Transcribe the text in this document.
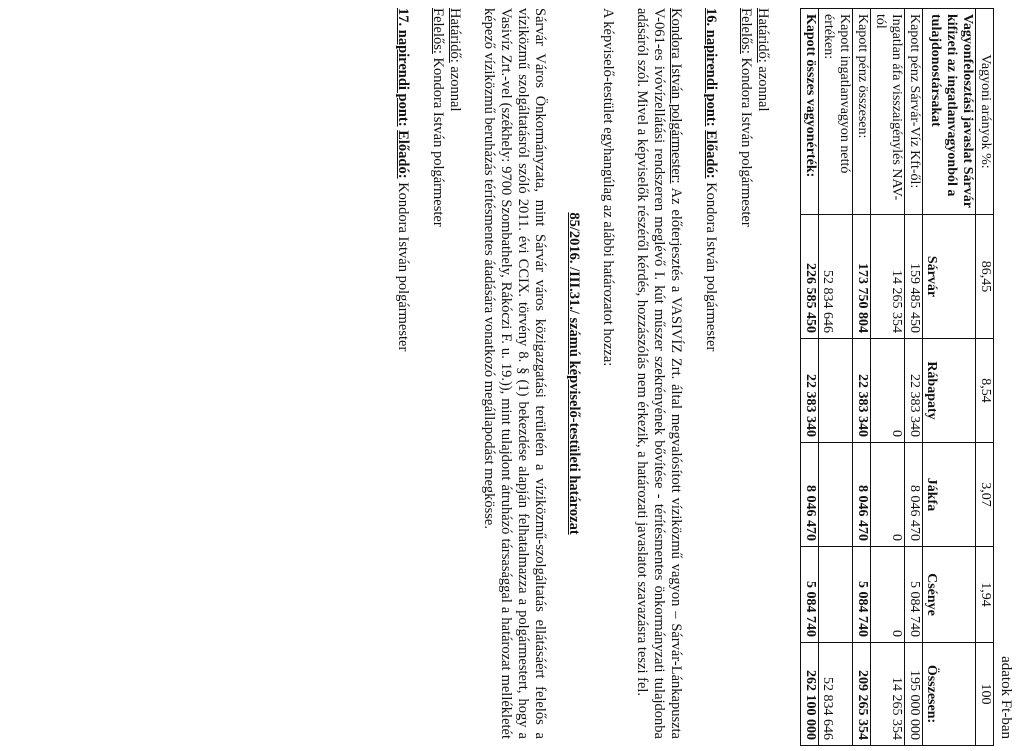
adatok Ft-ban
Vagyoni arányok %:	86,45	8,54	3,07	1,94	100
Vagyonfelosztási javaslat Sárvár kifizeti az ingatlanvagyonból a tulajdonostársakat	Sárvár	Rábapaty	Jákfa	Csénye	Összesen:
Kapott pénz Sárvár-Víz Kft-ől:	159 485 450	22 383 340	8 046 470	5 084 740	195 000 000
Ingatlan áfa visszaigénylés NAV-tól	14 265 354	0	0	0	14 265 354
Kapott pénz összesen:	173 750 804	22 383 340	8 046 470	5 084 740	209 265 354
Kapott ingatlanvagyon nettó értéken:	52 834 646				52 834 646
Kapott összes vagyonérték:	226 585 450	22 383 340	8 046 470	5 084 740	262 100 000

Határidő: azonnal

Felelős: Kondora István polgármester

16. napirendi pont: Előadó: Kondora István polgármester

Kondora István polgármester: Az előterjesztés a VASIVÍZ Zrt. által megvalósított víziközmű vagyon – Sárvár-Lánkapuszta V-061-es ivóvízellátási rendszeren meglévő I. kút műszer szekrényének bővítése - térítésmentes önkormányzati tulajdonba adásáról szól. Mivel a képviselők részéről kérdés, hozzászólás nem érkezik, a határozati javaslatot szavazásra teszi fel.

A képviselő-testület egyhangúlag az alábbi határozatot hozza:

85/2016. /III.31./ számú képviselő-testületi határozat

Sárvár Város Önkormányzata, mint Sárvár város közigazgatási területén a víziközmű-szolgáltatás ellátásáért felelős a víziközmű szolgáltatásról szóló 2011. évi CCIX. törvény 8. § (1) bekezdése alapján felhatalmazza a polgármestert, hogy a Vasivíz Zrt.-vel (székhely: 9700 Szombathely, Rákóczi F. u. 19.)), mint tulajdont átruházó társasággal a határozat mellékletét képező víziközmű beruházás térítésmentes átadására vonatkozó megállapodást megkösse.

Határidő: azonnal

Felelős: Kondora István polgármester

17. napirendi pont: Előadó: Kondora István polgármester
